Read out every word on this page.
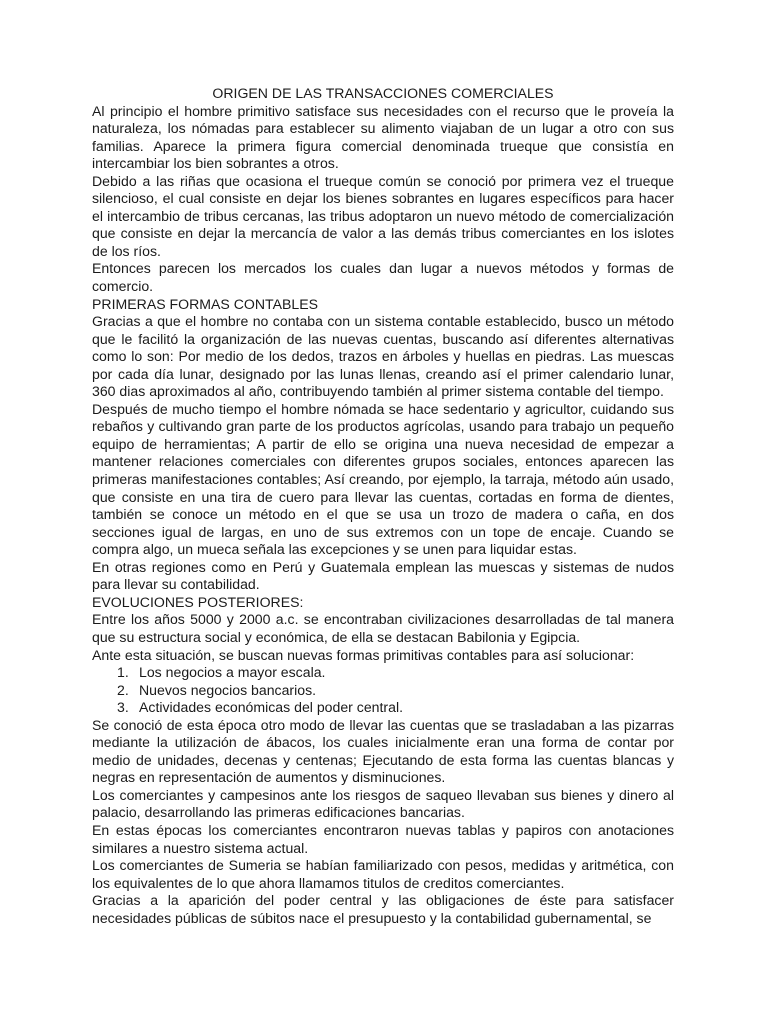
ORIGEN DE LAS TRANSACCIONES COMERCIALES

Al principio el hombre primitivo satisface sus necesidades con el recurso que le proveía la naturaleza, los nómadas para establecer su alimento viajaban de un lugar a otro con sus familias. Aparece la primera figura comercial denominada trueque que consistía en intercambiar los bien sobrantes a otros.

Debido a las riñas que ocasiona el trueque común se conoció por primera vez el trueque silencioso, el cual consiste en dejar los bienes sobrantes en lugares específicos para hacer el intercambio de tribus cercanas, las tribus adoptaron un nuevo método de comercialización que consiste en dejar la mercancía de valor a las demás tribus comerciantes en los islotes de los ríos.

Entonces parecen los mercados los cuales dan lugar a nuevos métodos y formas de comercio.

PRIMERAS FORMAS CONTABLES

Gracias a que el hombre no contaba con un sistema contable establecido, busco un método que le facilitó la organización de las nuevas cuentas, buscando así diferentes alternativas como lo son: Por medio de los dedos, trazos en árboles y huellas en piedras. Las muescas por cada día lunar, designado por las lunas llenas, creando así el primer calendario lunar, 360 dias aproximados al año, contribuyendo también al primer sistema contable del tiempo.

Después de mucho tiempo el hombre nómada se hace sedentario y agricultor, cuidando sus rebaños y cultivando gran parte de los productos agrícolas, usando para trabajo un pequeño equipo de herramientas; A partir de ello se origina una nueva necesidad de empezar a mantener relaciones comerciales con diferentes grupos sociales, entonces aparecen las primeras manifestaciones contables; Así creando, por ejemplo, la tarraja, método aún usado, que consiste en una tira de cuero para llevar las cuentas, cortadas en forma de dientes, también se conoce un método en el que se usa un trozo de madera o caña, en dos secciones igual de largas, en uno de sus extremos con un tope de encaje. Cuando se compra algo, un mueca señala las excepciones y se unen para liquidar estas.

En otras regiones como en Perú y Guatemala emplean las muescas y sistemas de nudos para llevar su contabilidad.

EVOLUCIONES POSTERIORES:

Entre los años 5000 y 2000 a.c. se encontraban civilizaciones desarrolladas de tal manera que su estructura social y económica, de ella se destacan Babilonia y Egipcia.

Ante esta situación, se buscan nuevas formas primitivas contables para así solucionar:

1. Los negocios a mayor escala.
2. Nuevos negocios bancarios.
3. Actividades económicas del poder central.

Se conoció de esta época otro modo de llevar las cuentas que se trasladaban a las pizarras mediante la utilización de ábacos, los cuales inicialmente eran una forma de contar por medio de unidades, decenas y centenas; Ejecutando de esta forma las cuentas blancas y negras en representación de aumentos y disminuciones.

Los comerciantes y campesinos ante los riesgos de saqueo llevaban sus bienes y dinero al palacio, desarrollando las primeras edificaciones bancarias.

En estas épocas los comerciantes encontraron nuevas tablas y papiros con anotaciones similares a nuestro sistema actual.

Los comerciantes de Sumeria se habían familiarizado con pesos, medidas y aritmética, con los equivalentes de lo que ahora llamamos titulos de creditos comerciantes.

Gracias a la aparición del poder central y las obligaciones de éste para satisfacer necesidades públicas de súbitos nace el presupuesto y la contabilidad gubernamental, se
